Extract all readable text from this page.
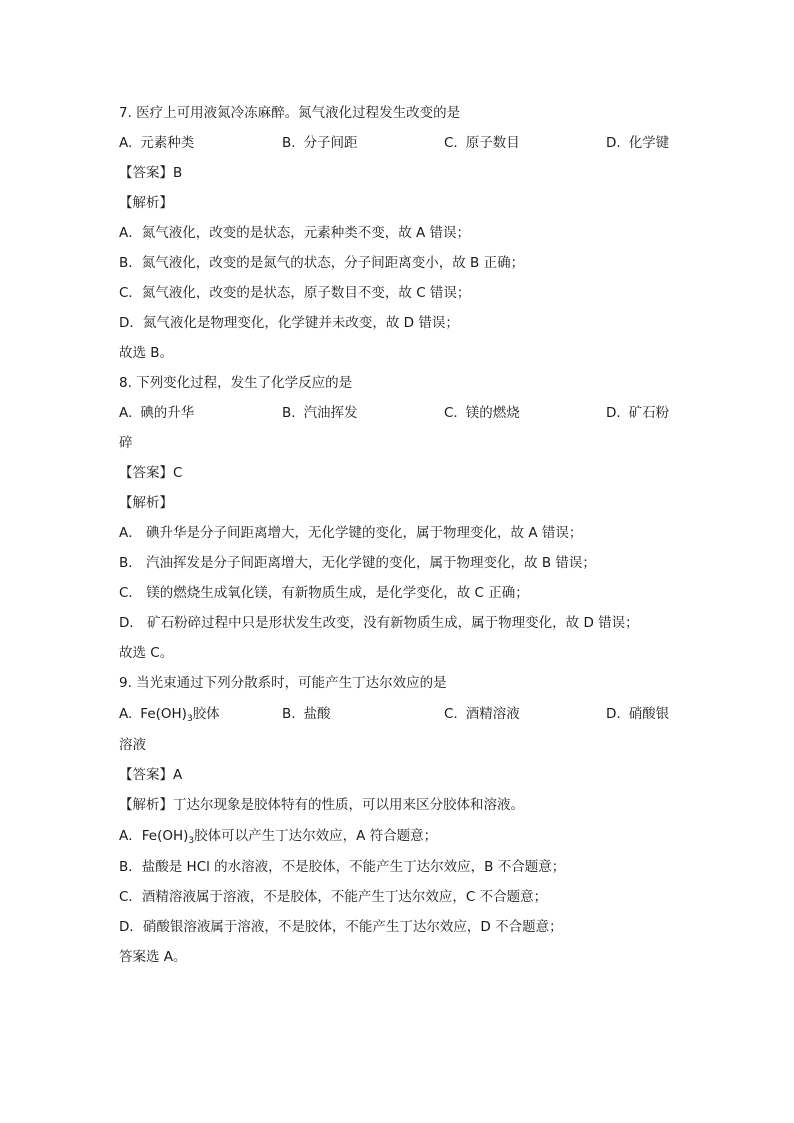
7. 医疗上可用液氮冷冻麻醉。氮气液化过程发生改变的是
A. 元素种类	B. 分子间距	C. 原子数目	D. 化学键
【答案】B
【解析】
A．氮气液化，改变的是状态，元素种类不变，故 A 错误；
B．氮气液化，改变的是氮气的状态，分子间距离变小，故 B 正确；
C．氮气液化，改变的是状态，原子数目不变，故 C 错误；
D．氮气液化是物理变化，化学键并未改变，故 D 错误；
故选 B。
8. 下列变化过程，发生了化学反应的是
A. 碘的升华	B. 汽油挥发	C. 镁的燃烧	D. 矿石粉
碎
【答案】C
【解析】
A． 碘升华是分子间距离增大，无化学键的变化，属于物理变化，故 A 错误；
B． 汽油挥发是分子间距离增大，无化学键的变化，属于物理变化，故 B 错误；
C． 镁的燃烧生成氧化镁，有新物质生成，是化学变化，故 C 正确；
D． 矿石粉碎过程中只是形状发生改变，没有新物质生成，属于物理变化，故 D 错误；
故选 C。
9. 当光束通过下列分散系时，可能产生丁达尔效应的是
A. $Fe(OH)_3$胶体	B. 盐酸	C. 酒精溶液	D. 硝酸银
溶液
【答案】A
【解析】丁达尔现象是胶体特有的性质，可以用来区分胶体和溶液。
A．$Fe(OH)_3$胶体可以产生丁达尔效应，A 符合题意；
B．盐酸是 HCl 的水溶液，不是胶体，不能产生丁达尔效应，B 不合题意；
C．酒精溶液属于溶液，不是胶体，不能产生丁达尔效应，C 不合题意；
D．硝酸银溶液属于溶液，不是胶体，不能产生丁达尔效应，D 不合题意；
答案选 A。
